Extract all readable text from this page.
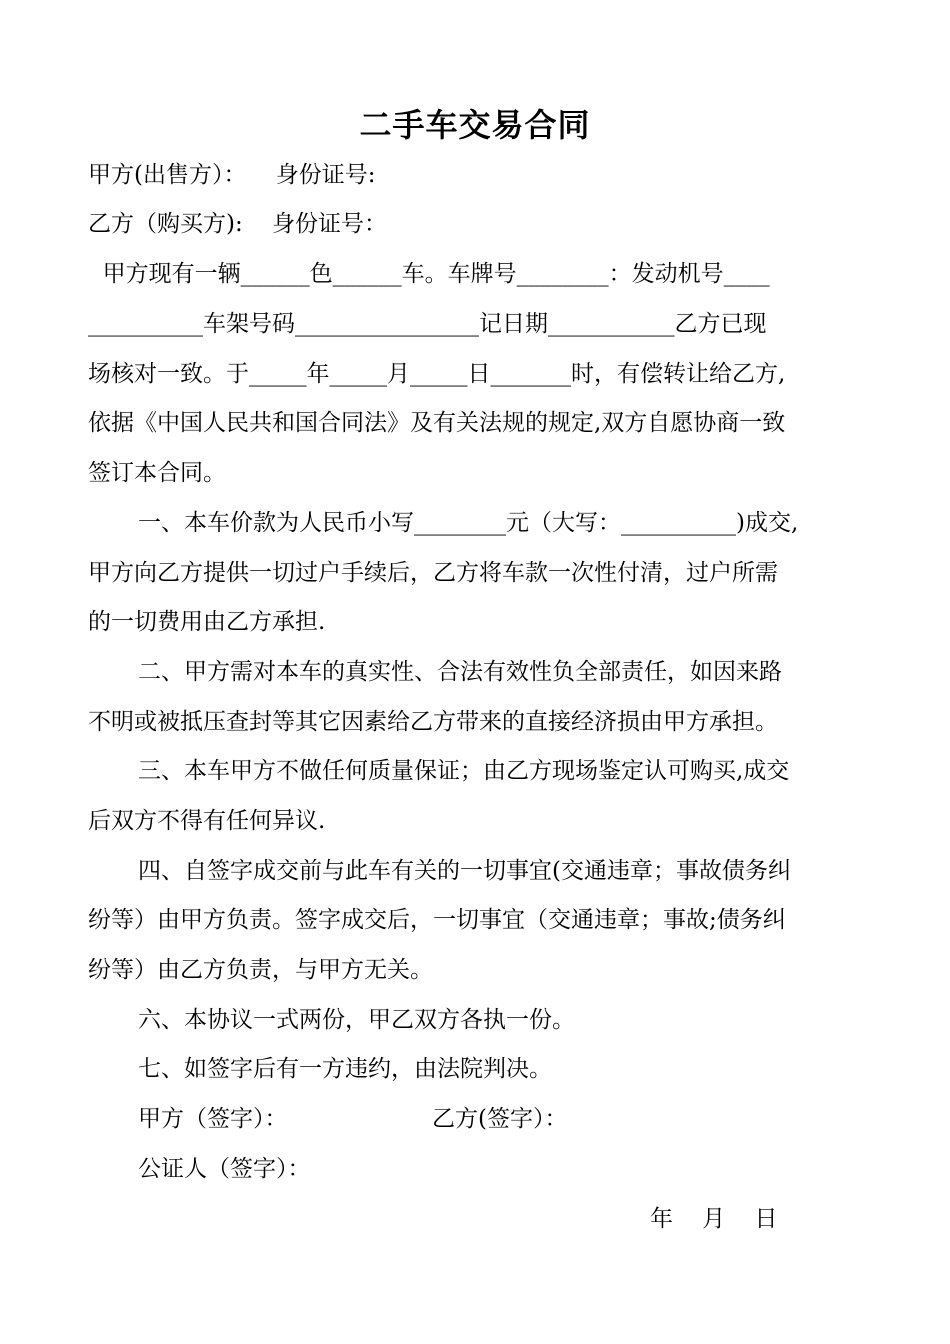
二手车交易合同
甲方(出售方）：    身份证号:
乙方（购买方):    身份证号：
甲方现有一辆______色______车。车牌号________：发动机号____
__________车架号码________________记日期___________乙方已现
场核对一致。于_____年_____月_____日_______时，有偿转让给乙方,
依据《中国人民共和国合同法》及有关法规的规定,双方自愿协商一致
签订本合同。
一、本车价款为人民币小写________元（大写：__________)成交,
甲方向乙方提供一切过户手续后，乙方将车款一次性付清，过户所需
的一切费用由乙方承担.
二、甲方需对本车的真实性、合法有效性负全部责任，如因来路
不明或被抵压查封等其它因素给乙方带来的直接经济损由甲方承担。
三、本车甲方不做任何质量保证；由乙方现场鉴定认可购买,成交
后双方不得有任何异议.
四、自签字成交前与此车有关的一切事宜(交通违章；事故债务纠
纷等）由甲方负责。签字成交后，一切事宜（交通违章；事故;债务纠
纷等）由乙方负责，与甲方无关。
六、本协议一式两份，甲乙双方各执一份。
七、如签字后有一方违约，由法院判决。
甲方（签字）：	乙方(签字）：
公证人（签字）：
年    月    日
